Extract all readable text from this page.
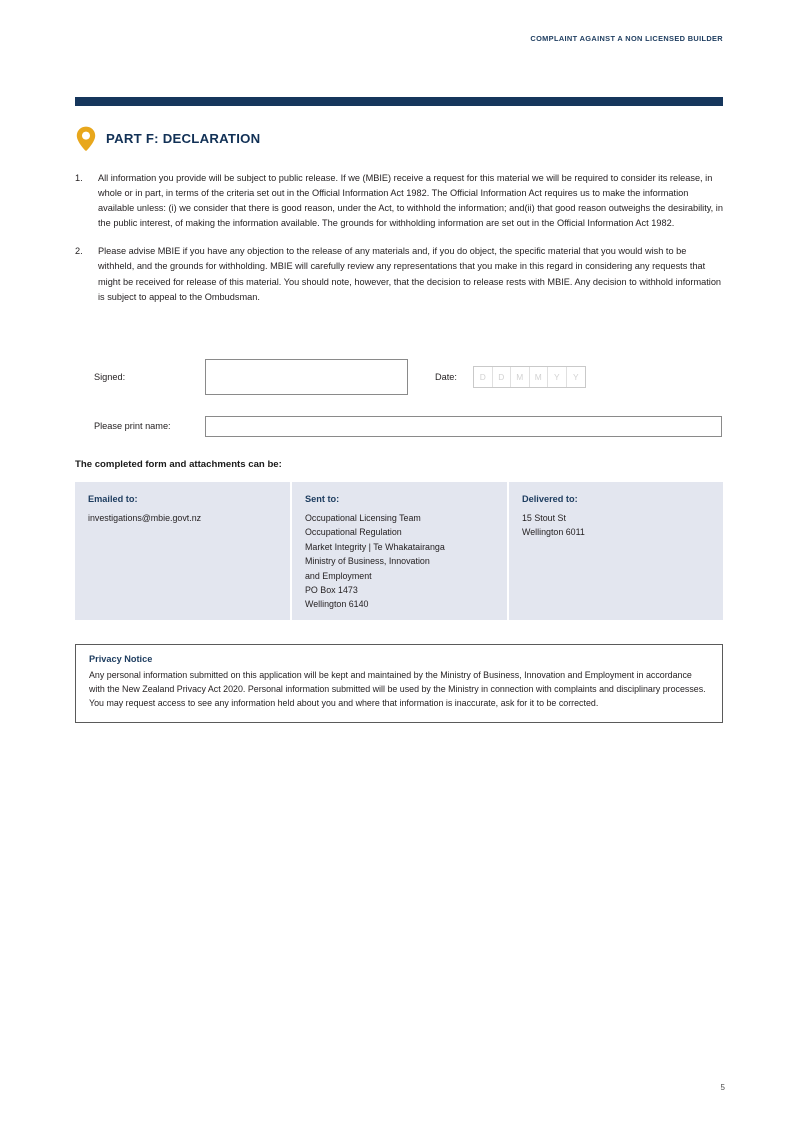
COMPLAINT AGAINST A NON LICENSED BUILDER
PART F: DECLARATION
1.	All information you provide will be subject to public release. If we (MBIE) receive a request for this material we will be required to consider its release, in whole or in part, in terms of the criteria set out in the Official Information Act 1982. The Official Information Act requires us to make the information available unless: (i) we consider that there is good reason, under the Act, to withhold the information; and(ii) that good reason outweighs the desirability, in the public interest, of making the information available. The grounds for withholding information are set out in the Official Information Act 1982.
2.	Please advise MBIE if you have any objection to the release of any materials and, if you do object, the specific material that you would wish to be withheld, and the grounds for withholding. MBIE will carefully review any representations that you make in this regard in considering any requests that might be received for release of this material. You should note, however, that the decision to release rests with MBIE. Any decision to withhold information is subject to appeal to the Ombudsman.
Signed:	Date:	D	D	M	M	Y	Y
Please print name:
The completed form and attachments can be:
Emailed to:
investigations@mbie.govt.nz
Sent to:
Occupational Licensing Team
Occupational Regulation
Market Integrity | Te Whakatairanga
Ministry of Business, Innovation
and Employment
PO Box 1473
Wellington 6140
Delivered to:
15 Stout St
Wellington 6011
Privacy Notice
Any personal information submitted on this application will be kept and maintained by the Ministry of Business, Innovation and Employment in accordance with the New Zealand Privacy Act 2020. Personal information submitted will be used by the Ministry in connection with complaints and disciplinary processes. You may request access to see any information held about you and where that information is inaccurate, ask for it to be corrected.
5
